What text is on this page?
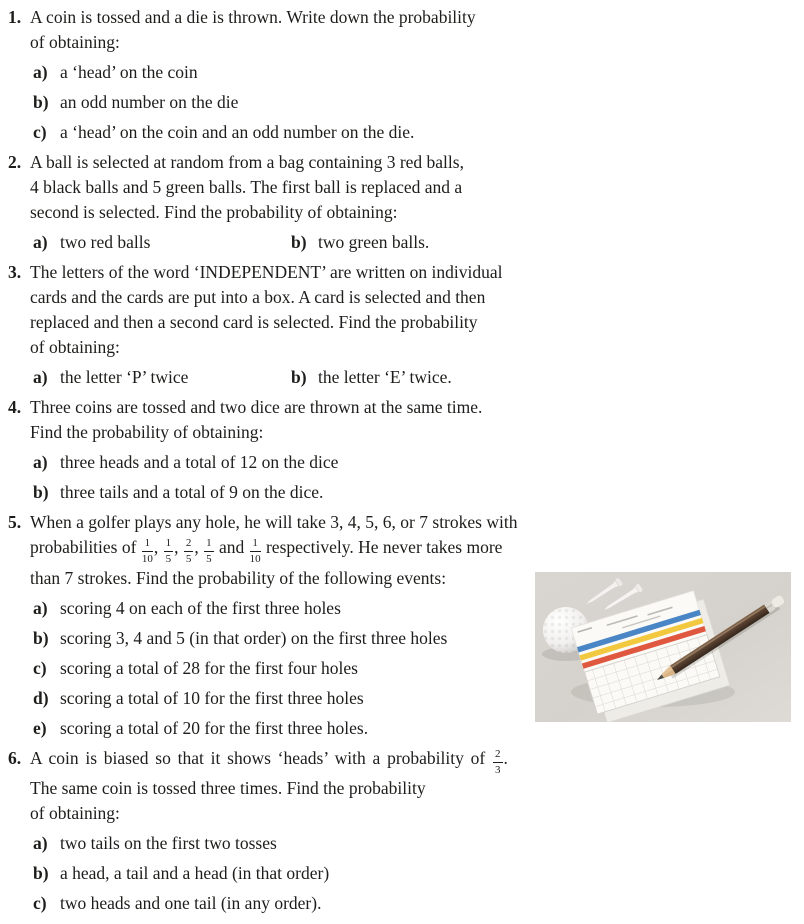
1. A coin is tossed and a die is thrown. Write down the probability
of obtaining:
a) a ‘head’ on the coin
b) an odd number on the die
c) a ‘head’ on the coin and an odd number on the die.
2. A ball is selected at random from a bag containing 3 red balls,
4 black balls and 5 green balls. The first ball is replaced and a
second is selected. Find the probability of obtaining:
a) two red balls	b) two green balls.
3. The letters of the word ‘INDEPENDENT’ are written on individual
cards and the cards are put into a box. A card is selected and then
replaced and then a second card is selected. Find the probability
of obtaining:
a) the letter ‘P’ twice	b) the letter ‘E’ twice.
4. Three coins are tossed and two dice are thrown at the same time.
Find the probability of obtaining:
a) three heads and a total of 12 on the dice
b) three tails and a total of 9 on the dice.
5. When a golfer plays any hole, he will take 3, 4, 5, 6, or 7 strokes with
probabilities of $\frac{1}{10}$ , $\frac{1}{5}$ , $\frac{2}{5}$ , $\frac{1}{5}$ and $\frac{1}{10}$ respectively. He never takes more
than 7 strokes. Find the probability of the following events:
a) scoring 4 on each of the first three holes
b) scoring 3, 4 and 5 (in that order) on the first three holes
c) scoring a total of 28 for the first four holes
d) scoring a total of 10 for the first three holes
e) scoring a total of 20 for the first three holes.
6. A coin is biased so that it shows ‘heads’ with a probability of $\frac{2}{3}$ .
The same coin is tossed three times. Find the probability
of obtaining:
a) two tails on the first two tosses
b) a head, a tail and a head (in that order)
c) two heads and one tail (in any order).
